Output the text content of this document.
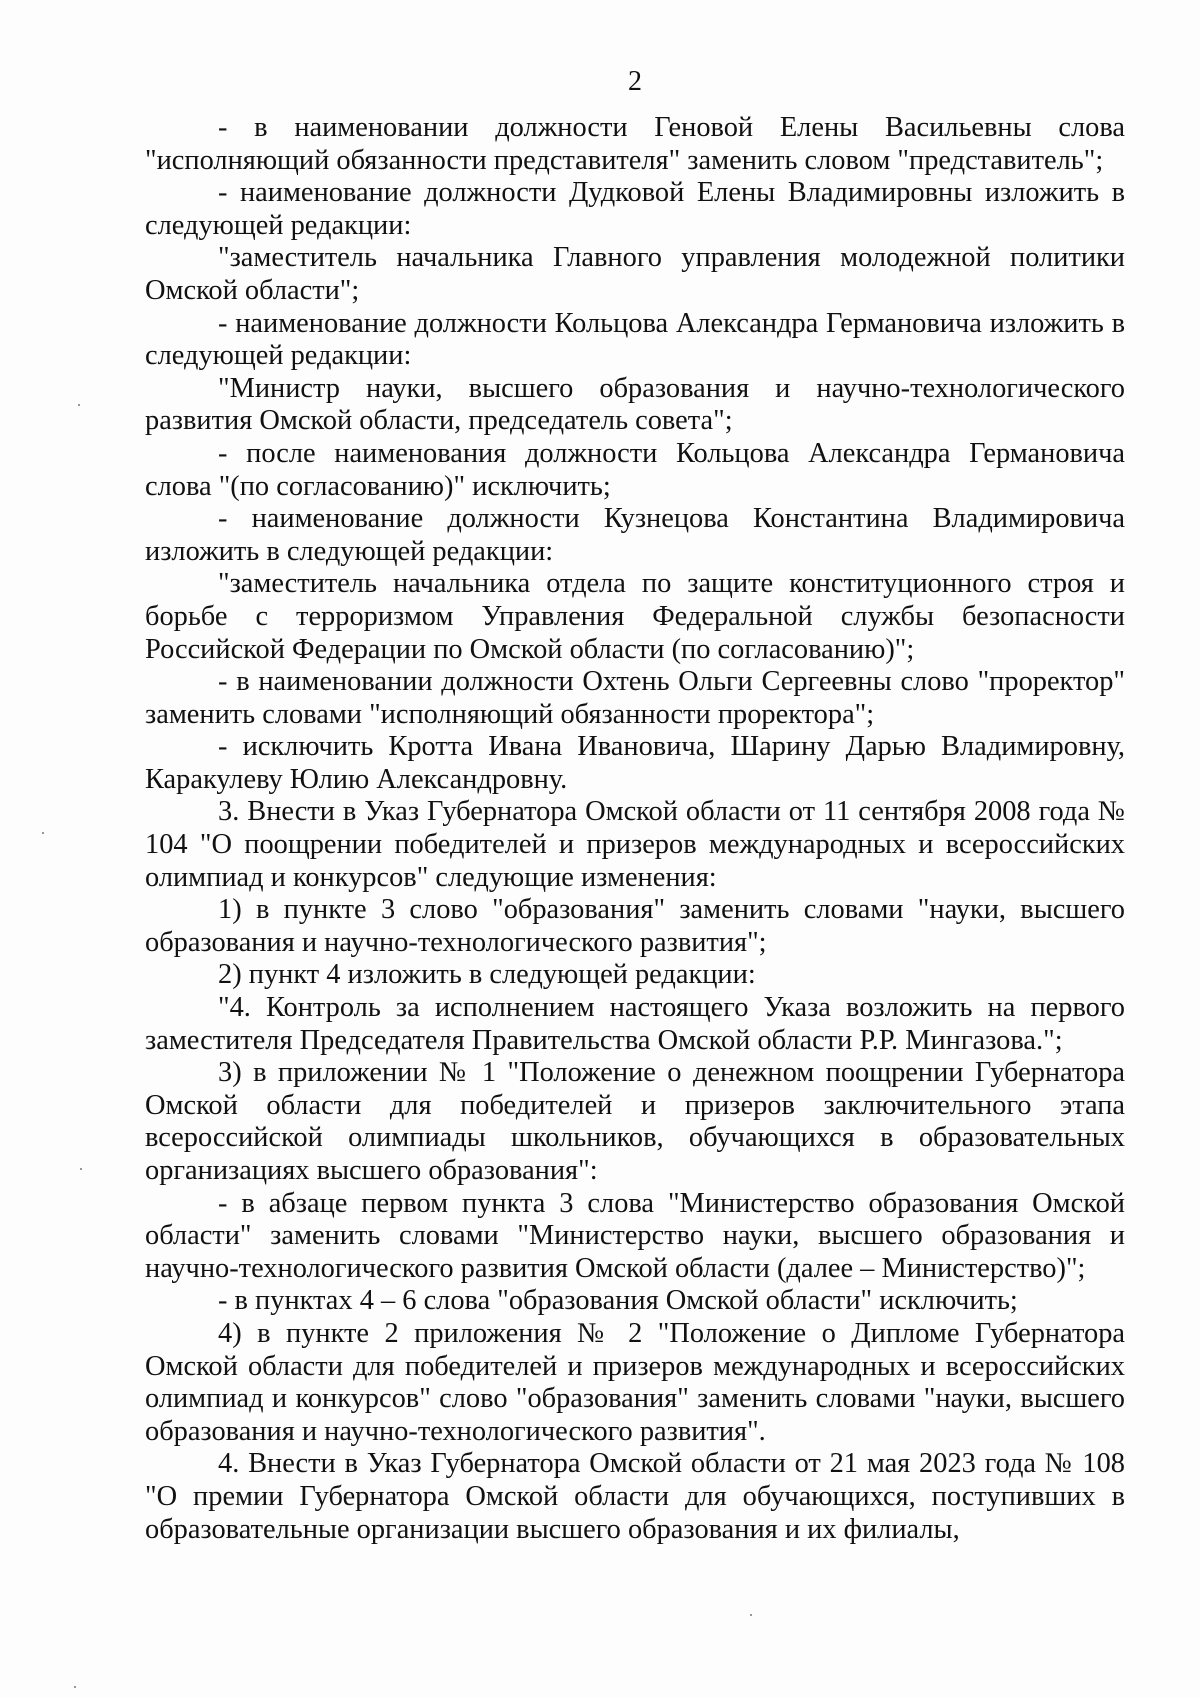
2

- в наименовании должности Геновой Елены Васильевны слова "исполняющий обязанности представителя" заменить словом "представитель";

- наименование должности Дудковой Елены Владимировны изложить в следующей редакции:

"заместитель начальника Главного управления молодежной политики Омской области";

- наименование должности Кольцова Александра Германовича изложить в следующей редакции:

"Министр науки, высшего образования и научно-технологического развития Омской области, председатель совета";

- после наименования должности Кольцова Александра Германовича слова "(по согласованию)" исключить;

- наименование должности Кузнецова Константина Владимировича изложить в следующей редакции:

"заместитель начальника отдела по защите конституционного строя и борьбе с терроризмом Управления Федеральной службы безопасности Российской Федерации по Омской области (по согласованию)";

- в наименовании должности Охтень Ольги Сергеевны слово "проректор" заменить словами "исполняющий обязанности проректора";

- исключить Кротта Ивана Ивановича, Шарину Дарью Владимировну, Каракулеву Юлию Александровну.

3. Внести в Указ Губернатора Омской области от 11 сентября 2008 года № 104 "О поощрении победителей и призеров международных и всероссийских олимпиад и конкурсов" следующие изменения:

1) в пункте 3 слово "образования" заменить словами "науки, высшего образования и научно-технологического развития";

2) пункт 4 изложить в следующей редакции:

"4. Контроль за исполнением настоящего Указа возложить на первого заместителя Председателя Правительства Омской области Р.Р. Мингазова.";

3) в приложении № 1 "Положение о денежном поощрении Губернатора Омской области для победителей и призеров заключительного этапа всероссийской олимпиады школьников, обучающихся в образовательных организациях высшего образования":

- в абзаце первом пункта 3 слова "Министерство образования Омской области" заменить словами "Министерство науки, высшего образования и научно-технологического развития Омской области (далее – Министерство)";

- в пунктах 4 – 6 слова "образования Омской области" исключить;

4) в пункте 2 приложения № 2 "Положение о Дипломе Губернатора Омской области для победителей и призеров международных и всероссийских олимпиад и конкурсов" слово "образования" заменить словами "науки, высшего образования и научно-технологического развития".

4. Внести в Указ Губернатора Омской области от 21 мая 2023 года № 108 "О премии Губернатора Омской области для обучающихся, поступивших в образовательные организации высшего образования и их филиалы,
